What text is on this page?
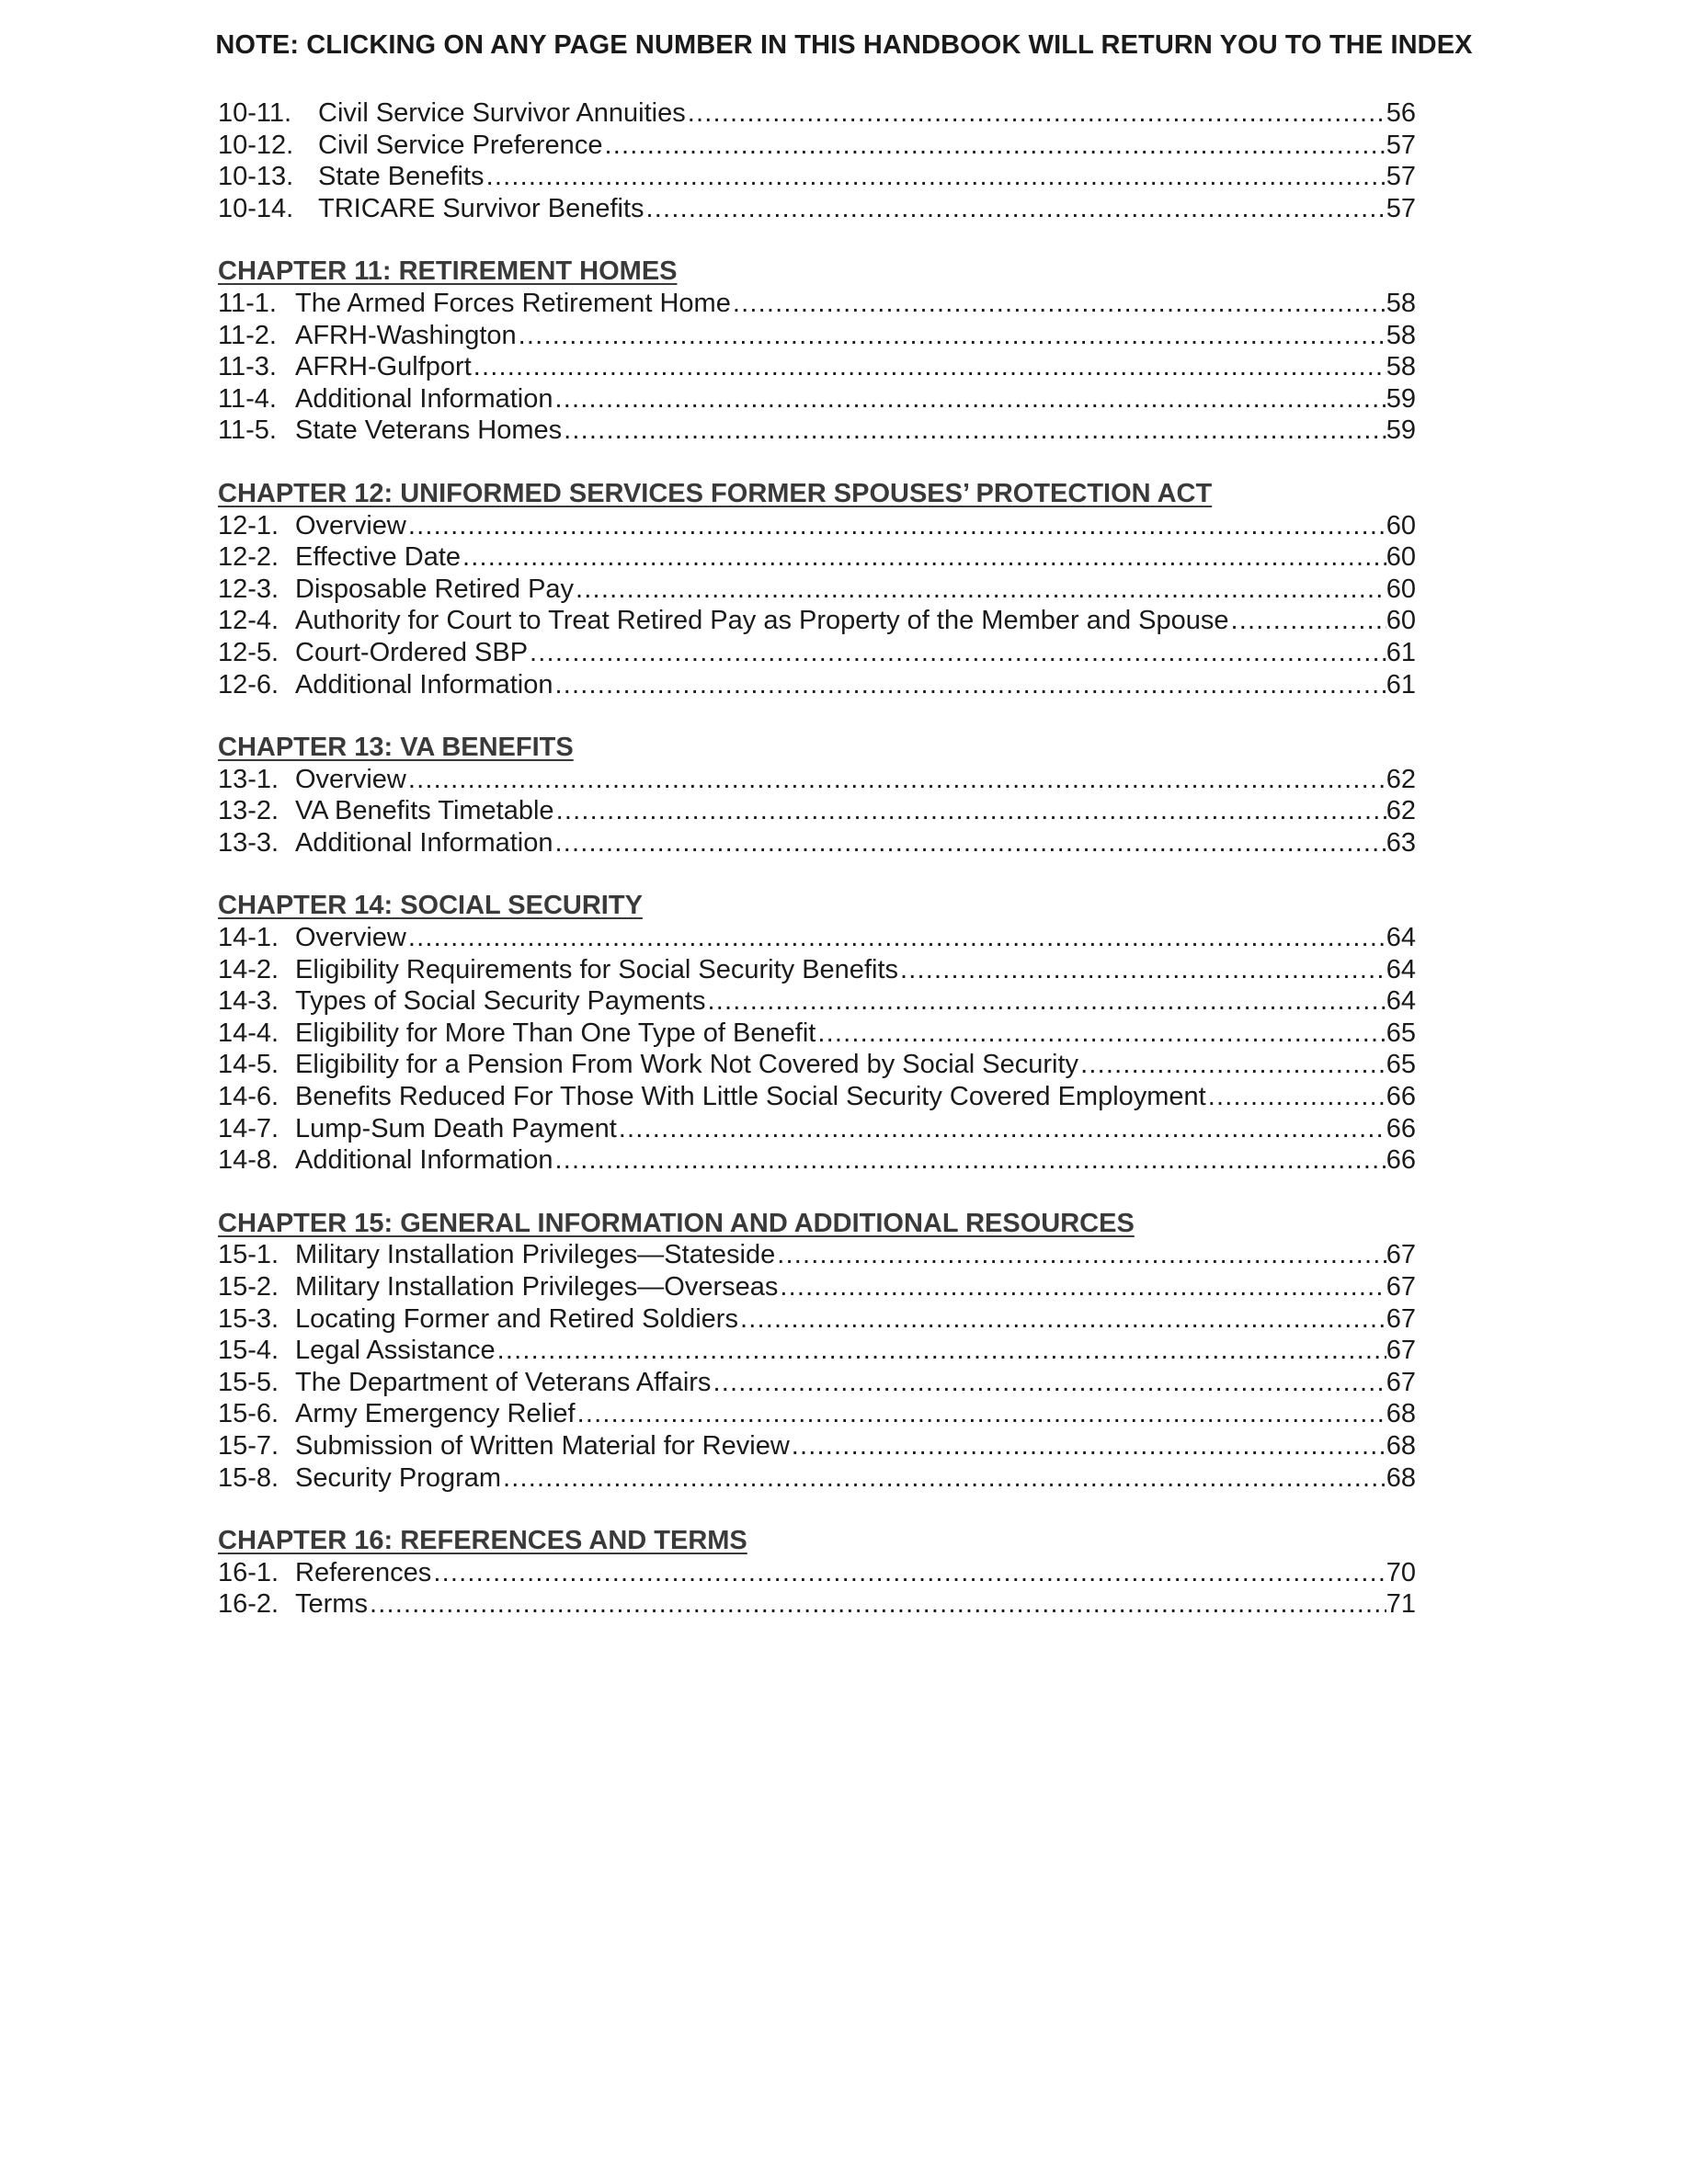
NOTE: CLICKING ON ANY PAGE NUMBER IN THIS HANDBOOK WILL RETURN YOU TO THE INDEX
10-11. Civil Service Survivor Annuities .....	56
10-12. Civil Service Preference .....	57
10-13. State Benefits .....	57
10-14. TRICARE Survivor Benefits .....	57
CHAPTER 11: RETIREMENT HOMES
11-1. The Armed Forces Retirement Home .....	58
11-2. AFRH-Washington .....	58
11-3. AFRH-Gulfport .....	58
11-4. Additional Information .....	59
11-5. State Veterans Homes .....	59
CHAPTER 12: UNIFORMED SERVICES FORMER SPOUSES’ PROTECTION ACT
12-1. Overview .....	60
12-2. Effective Date .....	60
12-3. Disposable Retired Pay .....	60
12-4. Authority for Court to Treat Retired Pay as Property of the Member and Spouse .....	60
12-5. Court-Ordered SBP .....	61
12-6. Additional Information .....	61
CHAPTER 13: VA BENEFITS
13-1. Overview .....	62
13-2. VA Benefits Timetable .....	62
13-3. Additional Information .....	63
CHAPTER 14: SOCIAL SECURITY
14-1. Overview .....	64
14-2. Eligibility Requirements for Social Security Benefits .....	64
14-3. Types of Social Security Payments .....	64
14-4. Eligibility for More Than One Type of Benefit .....	65
14-5. Eligibility for a Pension From Work Not Covered by Social Security .....	65
14-6. Benefits Reduced For Those With Little Social Security Covered Employment .....	66
14-7. Lump-Sum Death Payment .....	66
14-8. Additional Information .....	66
CHAPTER 15: GENERAL INFORMATION AND ADDITIONAL RESOURCES
15-1. Military Installation Privileges—Stateside .....	67
15-2. Military Installation Privileges—Overseas .....	67
15-3. Locating Former and Retired Soldiers .....	67
15-4. Legal Assistance .....	67
15-5. The Department of Veterans Affairs .....	67
15-6. Army Emergency Relief .....	68
15-7. Submission of Written Material for Review .....	68
15-8. Security Program .....	68
CHAPTER 16: REFERENCES AND TERMS
16-1. References .....	70
16-2. Terms .....	71
